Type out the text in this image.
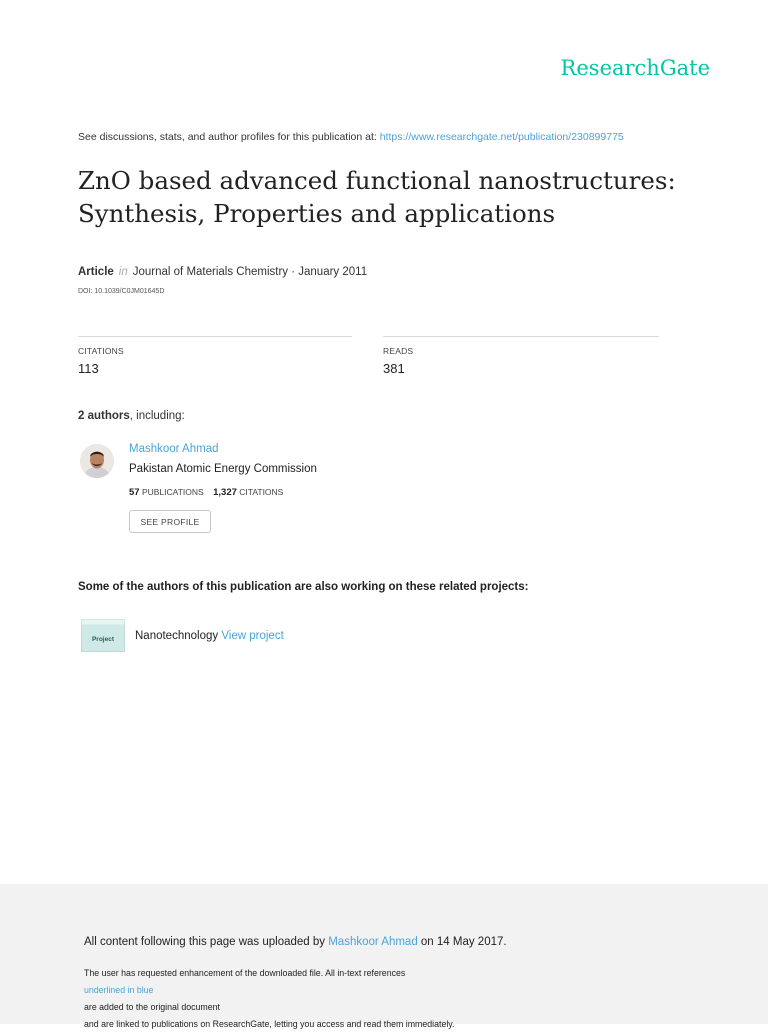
ResearchGate
See discussions, stats, and author profiles for this publication at: https://www.researchgate.net/publication/230899775
ZnO based advanced functional nanostructures:
Synthesis, Properties and applications
Article in Journal of Materials Chemistry · January 2011
DOI: 10.1039/C0JM01645D
CITATIONS
113
READS
381
2 authors, including:
Mashkoor Ahmad
Pakistan Atomic Energy Commission
57 PUBLICATIONS 1,327 CITATIONS
SEE PROFILE
Some of the authors of this publication are also working on these related projects:
Project Nanotechnology View project
All content following this page was uploaded by Mashkoor Ahmad on 14 May 2017.
The user has requested enhancement of the downloaded file. All in-text references
underlined in blue
are added to the original document
and are linked to publications on ResearchGate, letting you access and read them immediately.
